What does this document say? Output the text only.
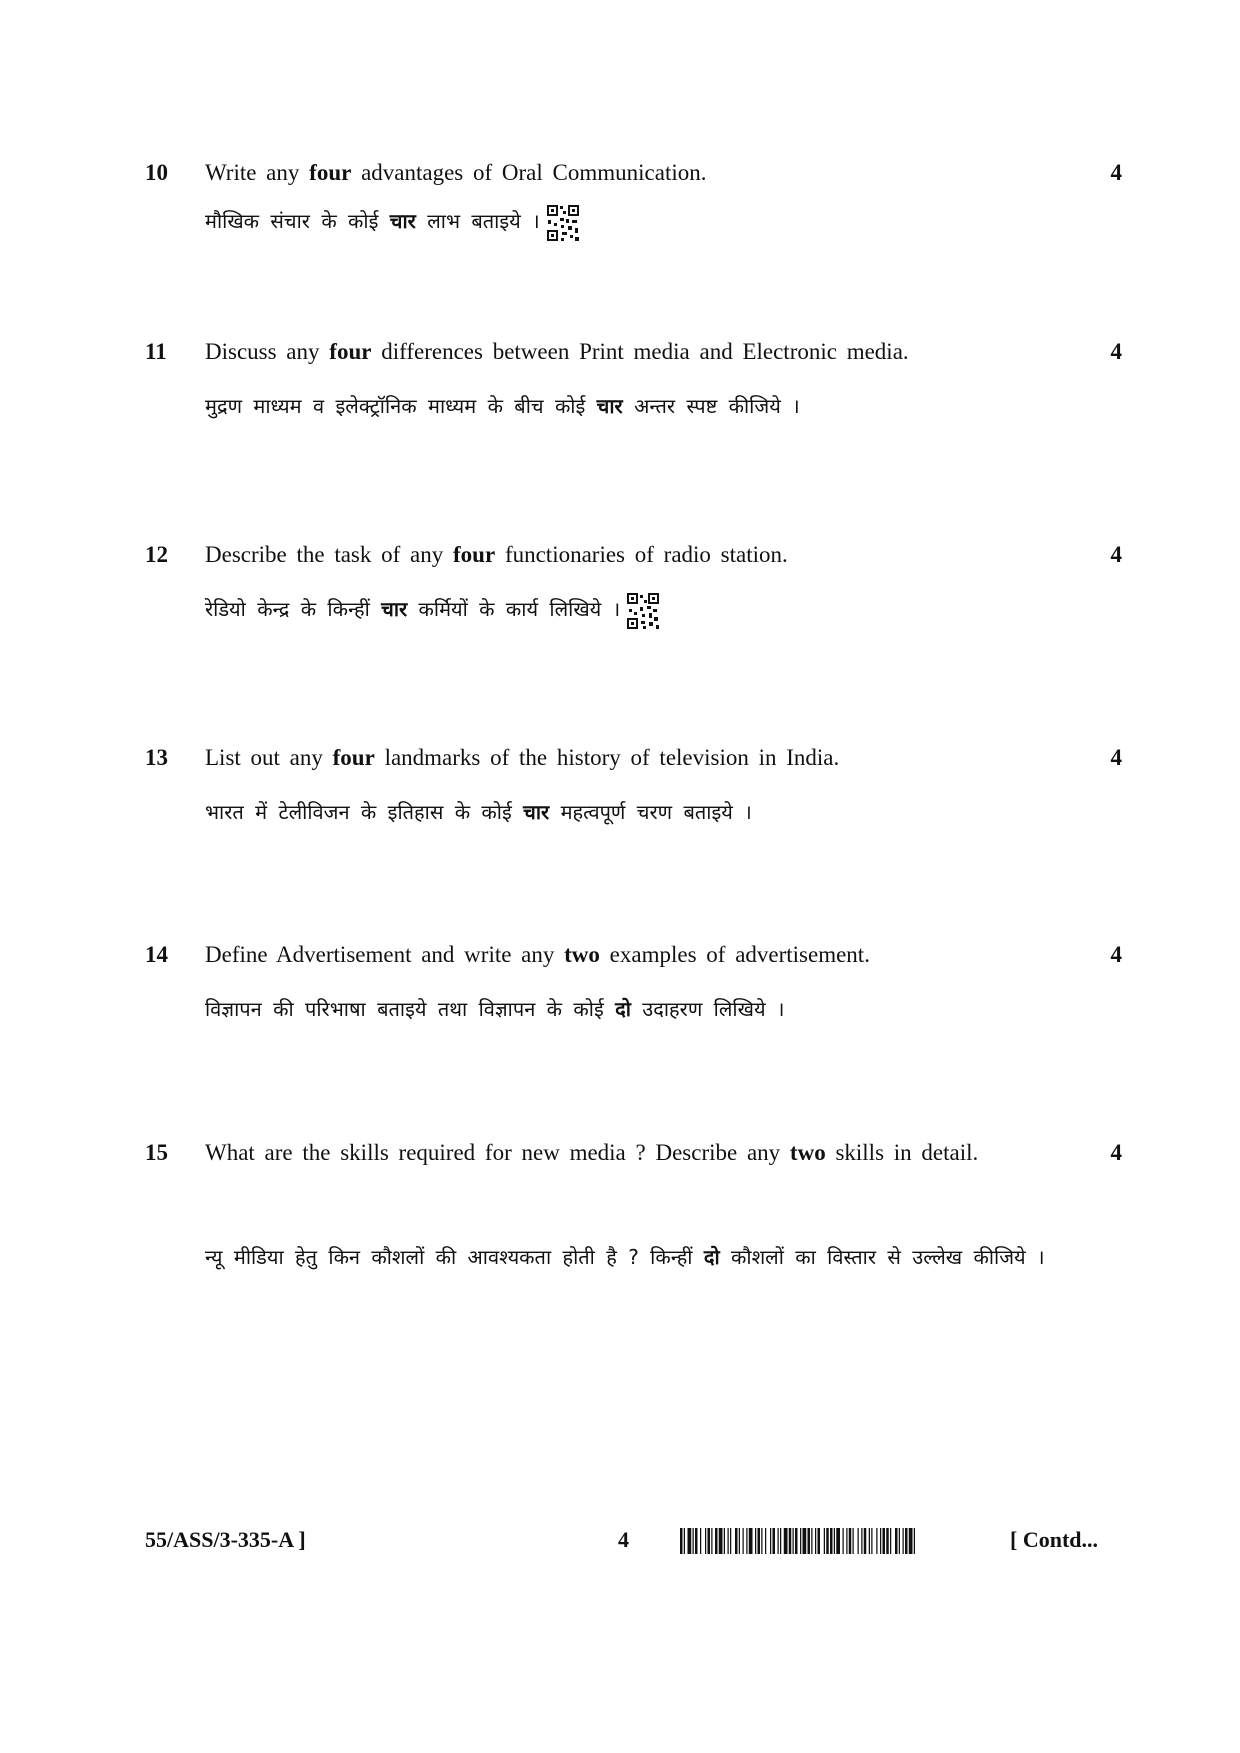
10 Write any four advantages of Oral Communication.
मौखिक संचार के कोई चार लाभ बताइये ।
4
11 Discuss any four differences between Print media and Electronic media.
मुद्रण माध्यम व इलेक्ट्रॉनिक माध्यम के बीच कोई चार अन्तर स्पष्ट कीजिये ।
4
12 Describe the task of any four functionaries of radio station.
रेडियो केन्द्र के किन्हीं चार कर्मियों के कार्य लिखिये ।
4
13 List out any four landmarks of the history of television in India.
भारत में टेलीविजन के इतिहास के कोई चार महत्वपूर्ण चरण बताइये ।
4
14 Define Advertisement and write any two examples of advertisement.
विज्ञापन की परिभाषा बताइये तथा विज्ञापन के कोई दो उदाहरण लिखिये ।
4
15 What are the skills required for new media ? Describe any two skills in detail.
न्यू मीडिया हेतु किन कौशलों की आवश्यकता होती है ? किन्हीं दो कौशलों का विस्तार से उल्लेख कीजिये ।
4
55/ASS/3-335-A ]	4	[ Contd...
